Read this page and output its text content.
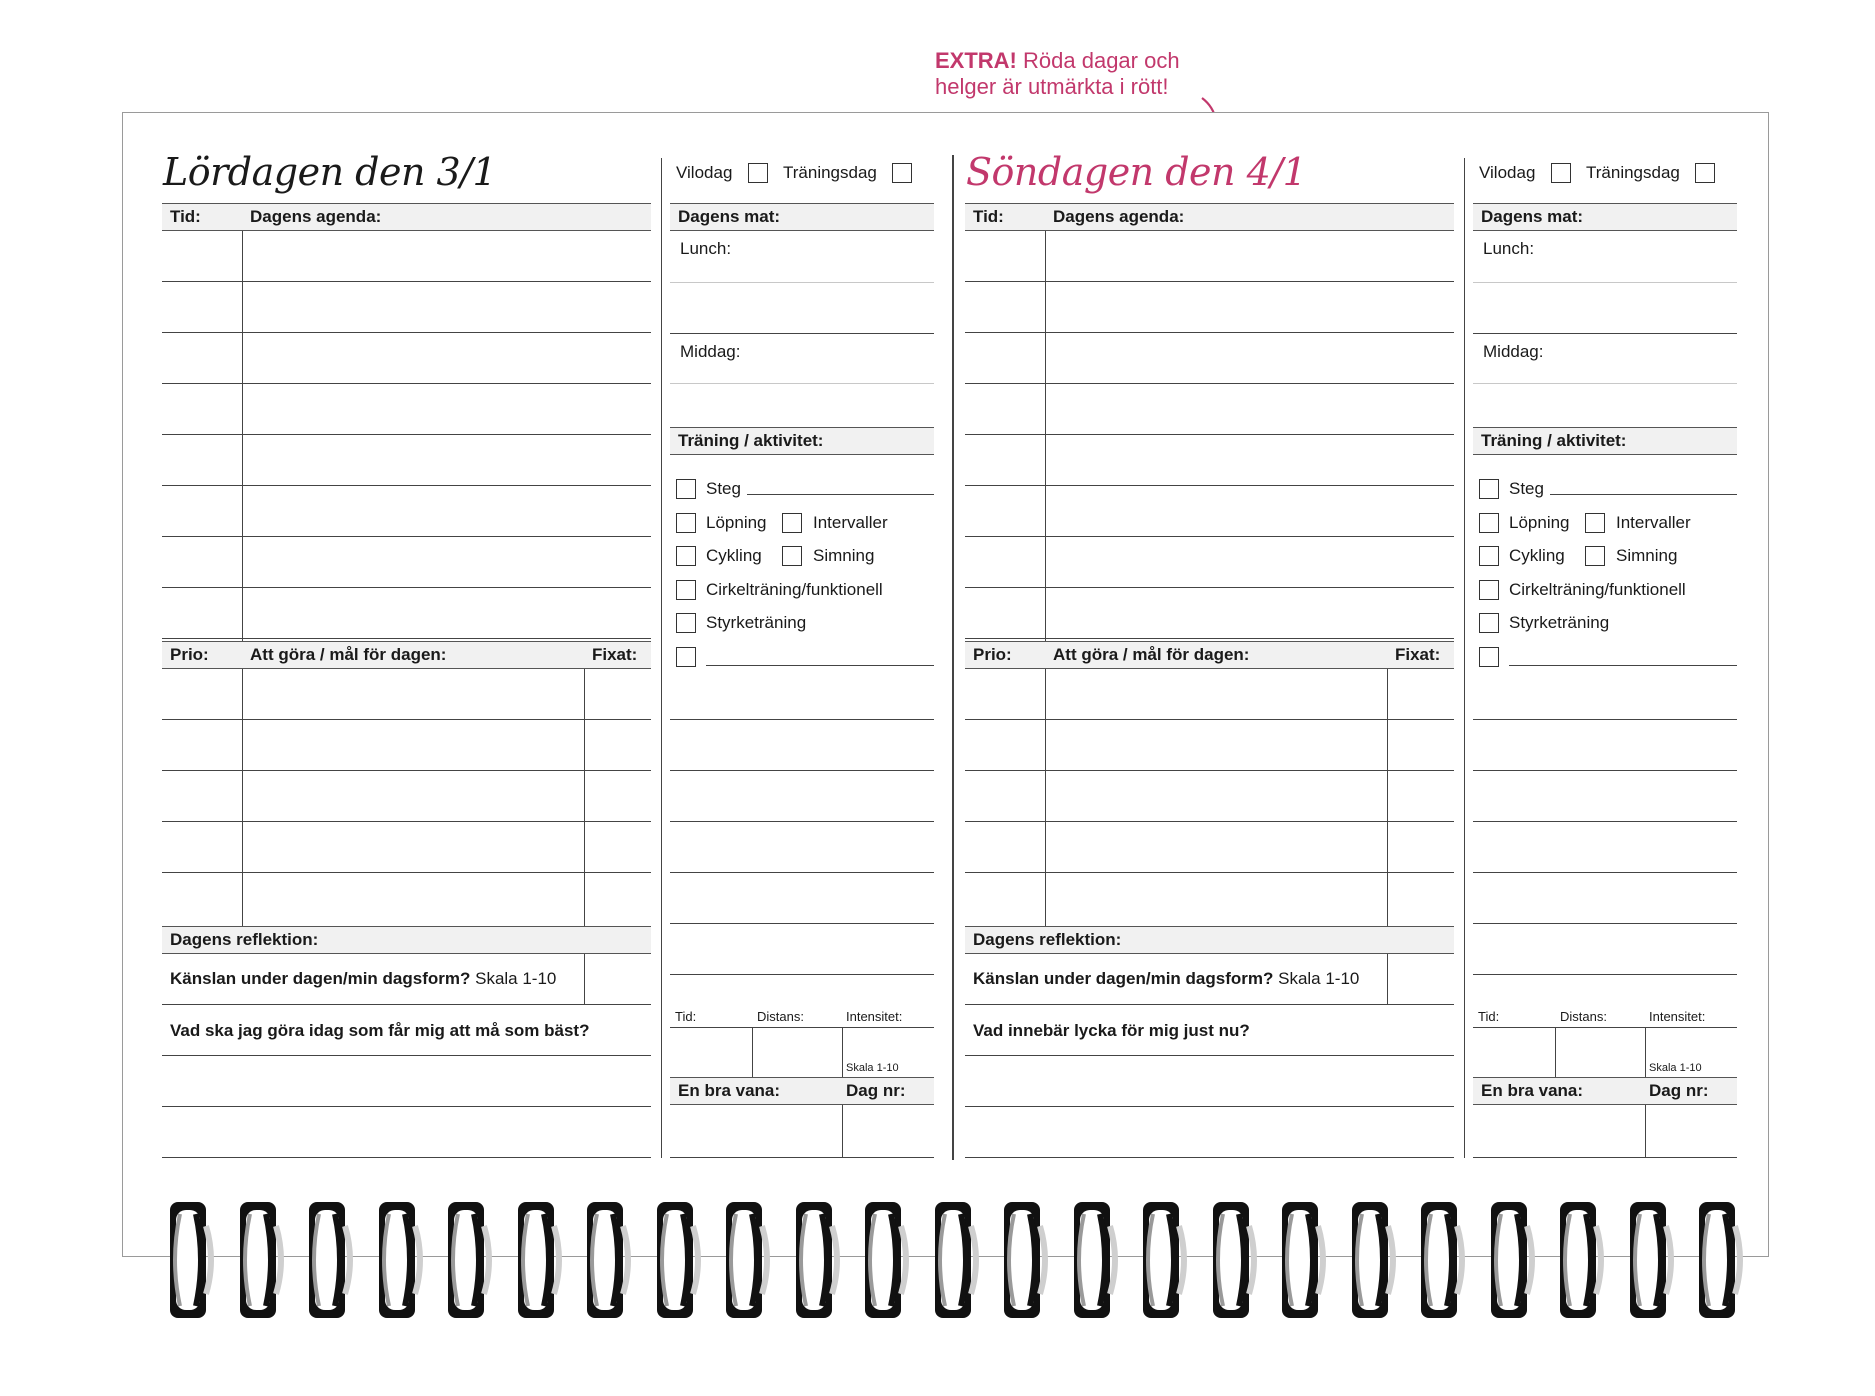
EXTRA! Röda dagar och
helger är utmärkta i rött!
Lördagen den 3/1
Tid:	Dagens agenda:
Prio: Att göra / mål för dagen:	Fixat:
Dagens reflektion:
Känslan under dagen/min dagsform? Skala 1-10
Vad ska jag göra idag som får mig att må som bäst?
Vilodag	Träningsdag
Dagens mat:
Lunch:
Middag:
Träning / aktivitet:
Steg
Löpning	Intervaller
Cykling	Simning
Cirkelträning/funktionell
Styrketräning
Tid:	Distans:	Intensitet:
Skala 1-10
En bra vana:	Dag nr:
Söndagen den 4/1
Tid:	Dagens agenda:
Prio: Att göra / mål för dagen:	Fixat:
Dagens reflektion:
Känslan under dagen/min dagsform? Skala 1-10
Vad innebär lycka för mig just nu?
Vilodag	Träningsdag
Dagens mat:
Lunch:
Middag:
Träning / aktivitet:
Steg
Löpning	Intervaller
Cykling	Simning
Cirkelträning/funktionell
Styrketräning
Tid:	Distans:	Intensitet:
Skala 1-10
En bra vana:	Dag nr:
